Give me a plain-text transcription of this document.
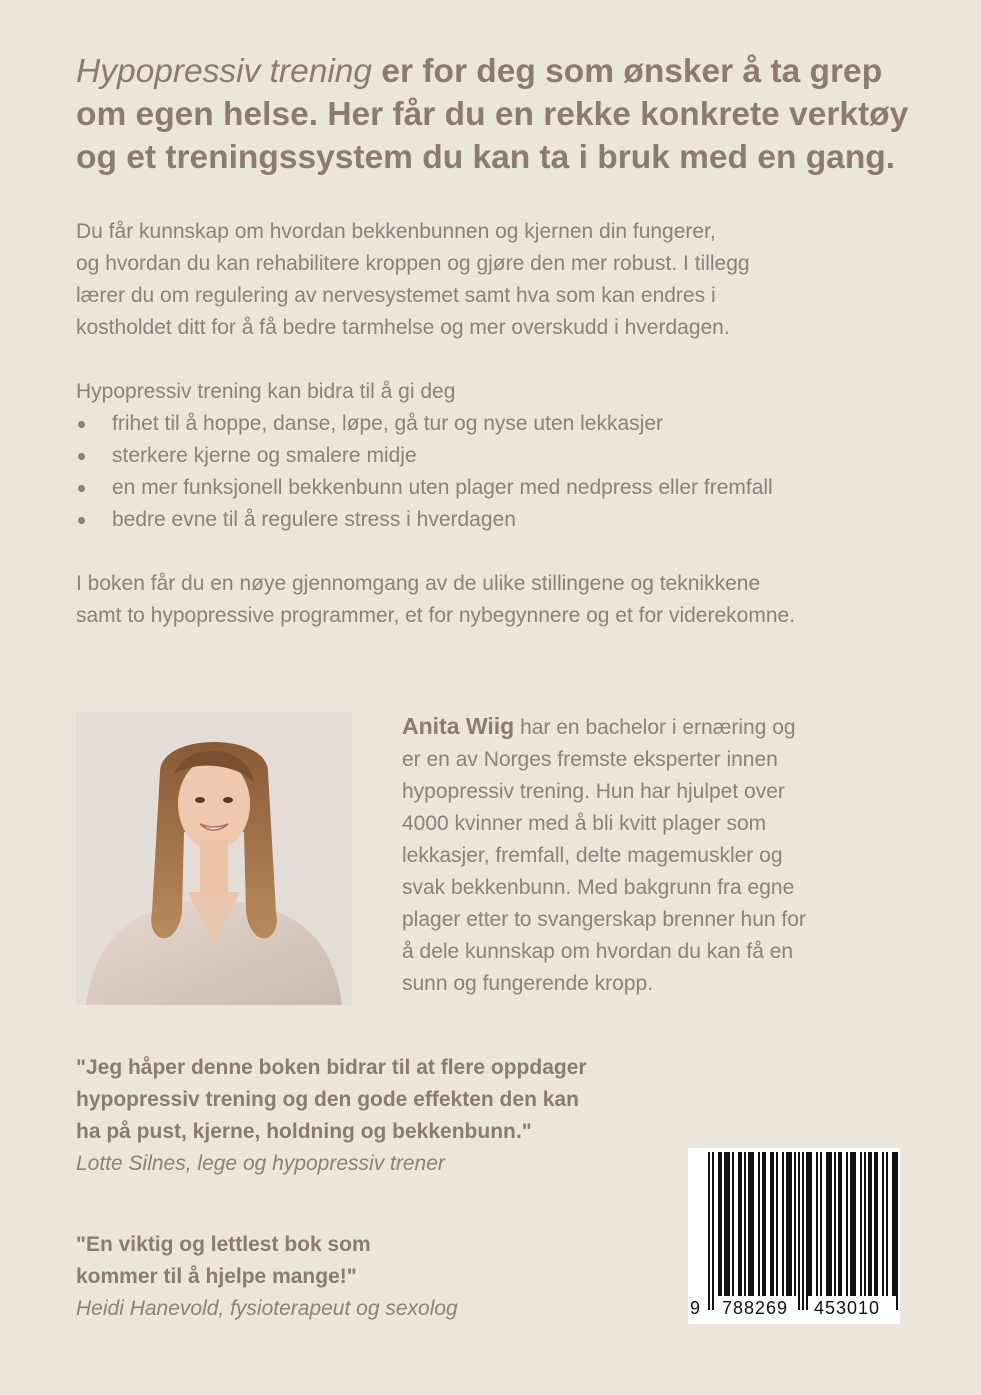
Hypopressiv trening er for deg som ønsker å ta grep om egen helse. Her får du en rekke konkrete verktøy og et treningssystem du kan ta i bruk med en gang.
Du får kunnskap om hvordan bekkenbunnen og kjernen din fungerer,
og hvordan du kan rehabilitere kroppen og gjøre den mer robust. I tillegg
lærer du om regulering av nervesystemet samt hva som kan endres i
kostholdet ditt for å få bedre tarmhelse og mer overskudd i hverdagen.
Hypopressiv trening kan bidra til å gi deg
frihet til å hoppe, danse, løpe, gå tur og nyse uten lekkasjer
sterkere kjerne og smalere midje
en mer funksjonell bekkenbunn uten plager med nedpress eller fremfall
bedre evne til å regulere stress i hverdagen
I boken får du en nøye gjennomgang av de ulike stillingene og teknikkene
samt to hypopressive programmer, et for nybegynnere og et for viderekomne.
Anita Wiig har en bachelor i ernæring og
er en av Norges fremste eksperter innen
hypopressiv trening. Hun har hjulpet over
4000 kvinner med å bli kvitt plager som
lekkasjer, fremfall, delte magemuskler og
svak bekkenbunn. Med bakgrunn fra egne
plager etter to svangerskap brenner hun for
å dele kunnskap om hvordan du kan få en
sunn og fungerende kropp.
"Jeg håper denne boken bidrar til at flere oppdager
hypopressiv trening og den gode effekten den kan
ha på pust, kjerne, holdning og bekkenbunn."
Lotte Silnes, lege og hypopressiv trener
"En viktig og lettlest bok som
kommer til å hjelpe mange!"
Heidi Hanevold, fysioterapeut og sexolog	9 788269 453010
